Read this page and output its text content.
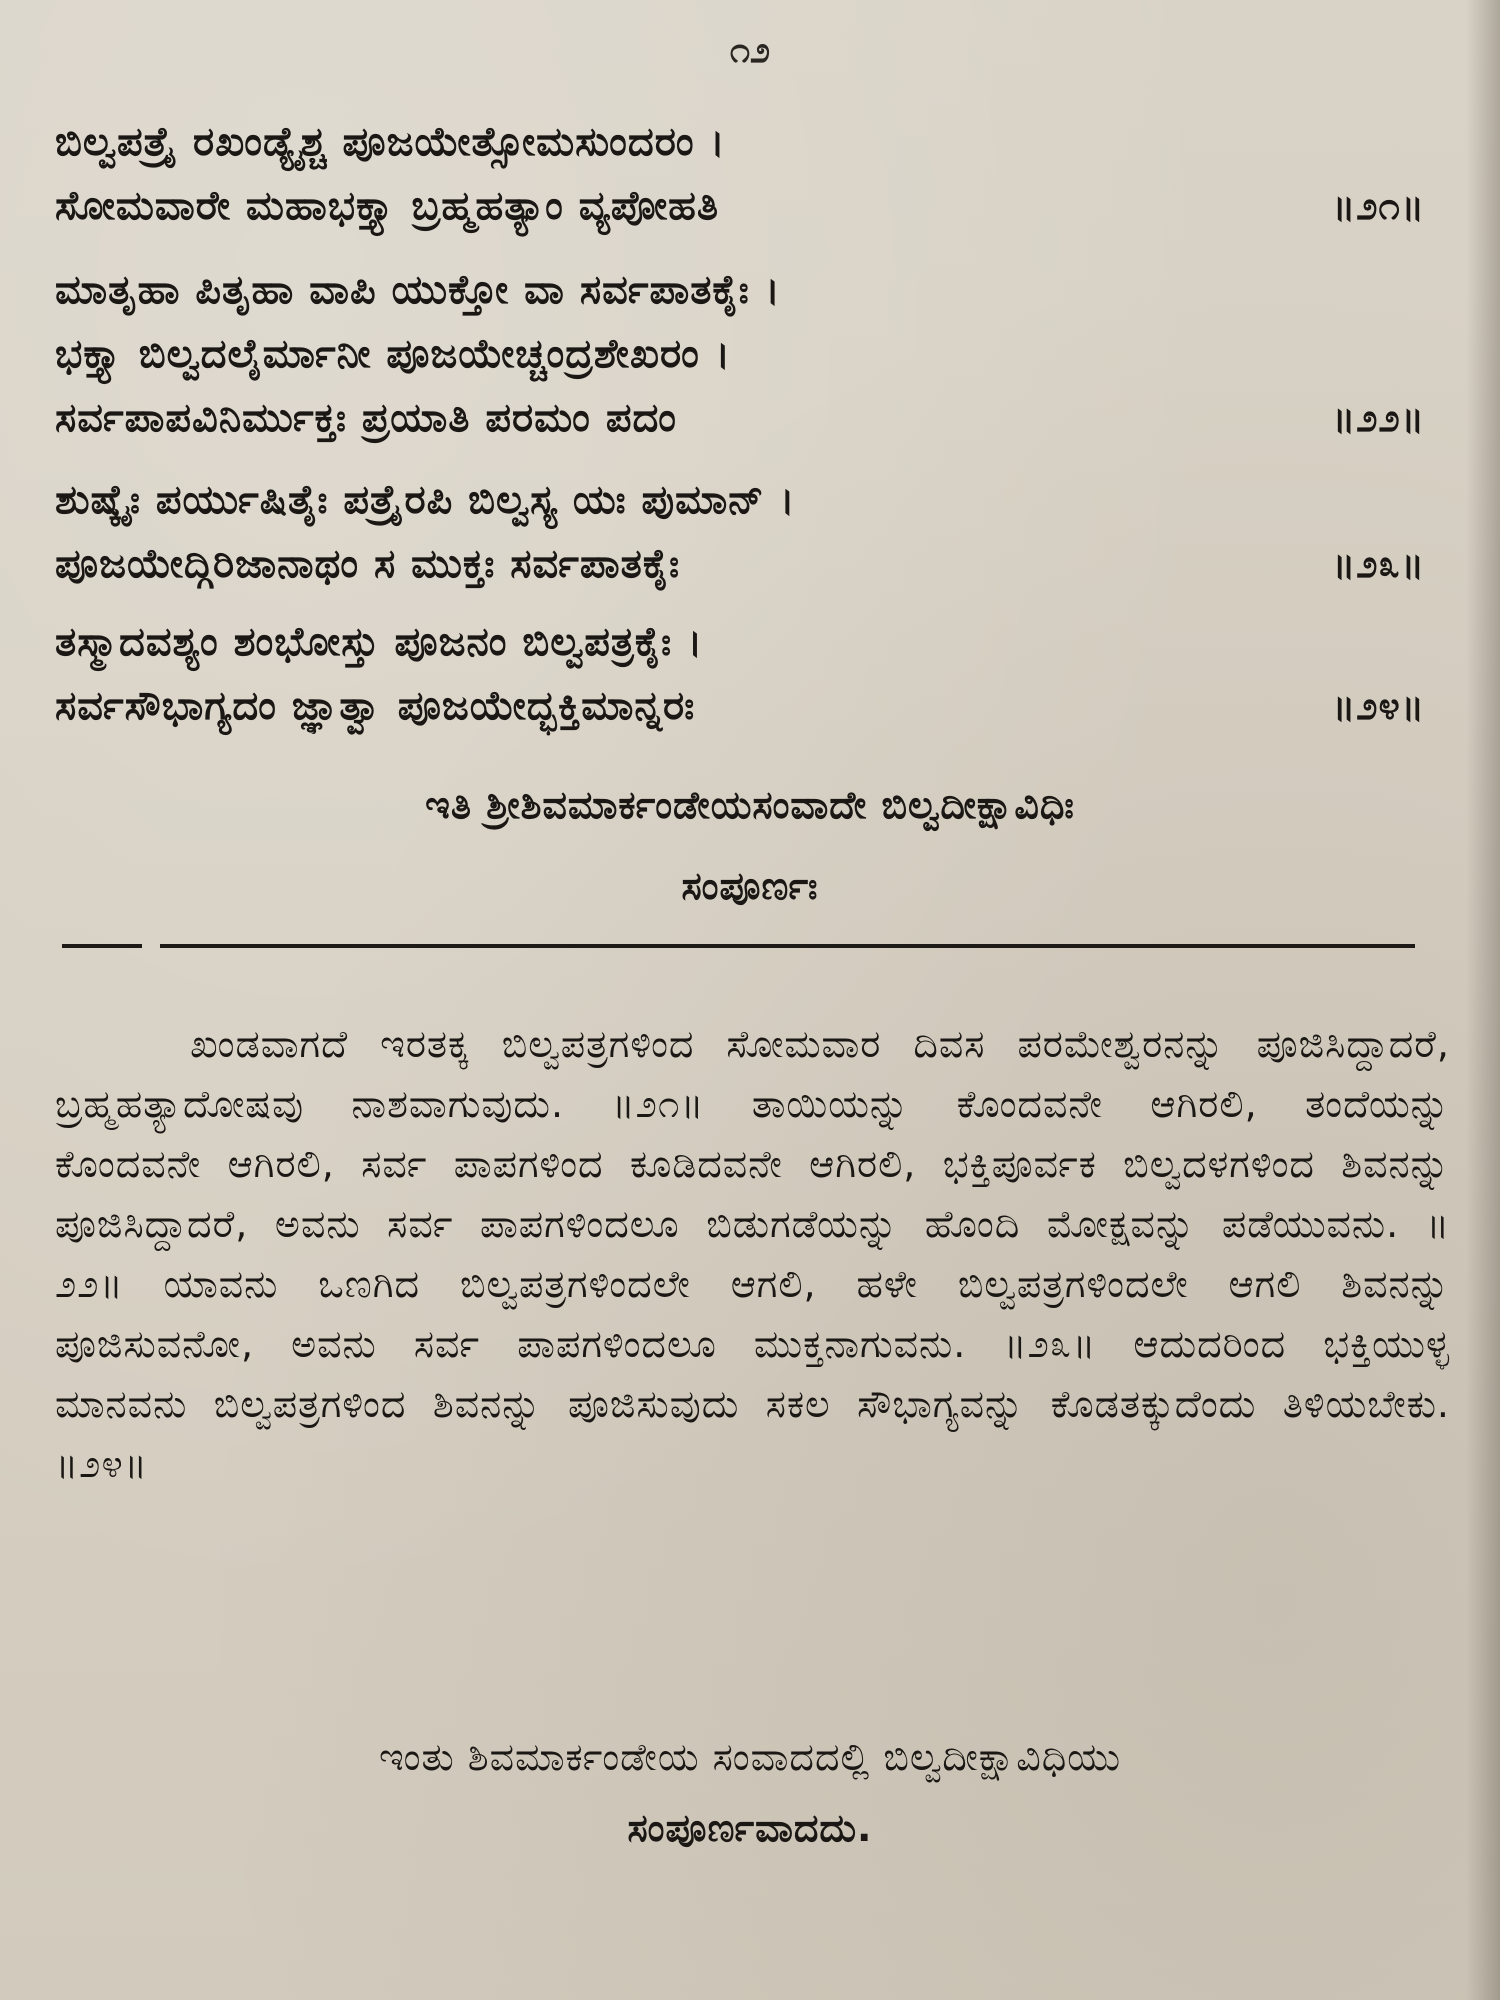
೧೨
ಬಿಲ್ವಪತ್ರೈ ರಖಂಡ್ಯೈಶ್ಚ ಪೂಜಯೇತ್ಸೋಮಸುಂದರಂ ।
ಸೋಮವಾರೇ ಮಹಾಭಕ್ತ್ಯಾ ಬ್ರಹ್ಮಹತ್ಯಾಂ ವ್ಯಪೋಹತಿ	॥೨೧॥
ಮಾತೃಹಾ ಪಿತೃಹಾ ವಾಪಿ ಯುಕ್ತೋ ವಾ ಸರ್ವಪಾತಕೈಃ ।
ಭಕ್ತ್ಯಾ ಬಿಲ್ವದಲೈರ್ಮಾನೀ ಪೂಜಯೇಚ್ಚಂದ್ರಶೇಖರಂ ।
ಸರ್ವಪಾಪವಿನಿರ್ಮುಕ್ತಃ ಪ್ರಯಾತಿ ಪರಮಂ ಪದಂ	॥೨೨॥
ಶುಷ್ಕೈಃ ಪರ್ಯುಷಿತೈಃ ಪತ್ರೈರಪಿ ಬಿಲ್ವಸ್ಯ ಯಃ ಪುಮಾನ್ ।
ಪೂಜಯೇದ್ಗಿರಿಜಾನಾಥಂ ಸ ಮುಕ್ತಃ ಸರ್ವಪಾತಕೈಃ	॥೨೩॥
ತಸ್ಮಾದವಶ್ಯಂ ಶಂಭೋಸ್ತು ಪೂಜನಂ ಬಿಲ್ವಪತ್ರಕೈಃ ।
ಸರ್ವಸೌಭಾಗ್ಯದಂ ಜ್ಞಾತ್ವಾ ಪೂಜಯೇದ್ಭಕ್ತಿಮಾನ್ನರಃ	॥೨೪॥
ಇತಿ ಶ್ರೀಶಿವಮಾರ್ಕಂಡೇಯಸಂವಾದೇ ಬಿಲ್ವದೀಕ್ಷಾವಿಧಿಃ
ಸಂಪೂರ್ಣಃ

ಖಂಡವಾಗದೆ ಇರತಕ್ಕ ಬಿಲ್ವಪತ್ರಗಳಿಂದ ಸೋಮವಾರ ದಿವಸ ಪರಮೇಶ್ವರನನ್ನು ಪೂಜಿಸಿದ್ದಾದರೆ, ಬ್ರಹ್ಮಹತ್ಯಾದೋಷವು ನಾಶವಾಗುವುದು. ॥೨೧॥ ತಾಯಿಯನ್ನು ಕೊಂದವನೇ ಆಗಿರಲಿ, ತಂದೆಯನ್ನು ಕೊಂದವನೇ ಆಗಿರಲಿ, ಸರ್ವ ಪಾಪಗಳಿಂದ ಕೂಡಿದವನೇ ಆಗಿರಲಿ, ಭಕ್ತಿಪೂರ್ವಕ ಬಿಲ್ವದಳಗಳಿಂದ ಶಿವನನ್ನು ಪೂಜಿಸಿದ್ದಾದರೆ, ಅವನು ಸರ್ವ ಪಾಪಗಳಿಂದಲೂ ಬಿಡುಗಡೆಯನ್ನು ಹೊಂದಿ ಮೋಕ್ಷವನ್ನು ಪಡೆಯುವನು. ॥೨೨॥ ಯಾವನು ಒಣಗಿದ ಬಿಲ್ವಪತ್ರಗಳಿಂದಲೇ ಆಗಲಿ, ಹಳೇ ಬಿಲ್ವಪತ್ರಗಳಿಂದಲೇ ಆಗಲಿ ಶಿವನನ್ನು ಪೂಜಿಸುವನೋ, ಅವನು ಸರ್ವ ಪಾಪಗಳಿಂದಲೂ ಮುಕ್ತನಾಗುವನು. ॥೨೩॥ ಆದುದರಿಂದ ಭಕ್ತಿಯುಳ್ಳ ಮಾನವನು ಬಿಲ್ವಪತ್ರಗಳಿಂದ ಶಿವನನ್ನು ಪೂಜಿಸುವುದು ಸಕಲ ಸೌಭಾಗ್ಯವನ್ನು ಕೊಡತಕ್ಕುದೆಂದು ತಿಳಿಯಬೇಕು. ॥೨೪॥

ಇಂತು ಶಿವಮಾರ್ಕಂಡೇಯ ಸಂವಾದದಲ್ಲಿ ಬಿಲ್ವದೀಕ್ಷಾವಿಧಿಯು
ಸಂಪೂರ್ಣವಾದದು.
